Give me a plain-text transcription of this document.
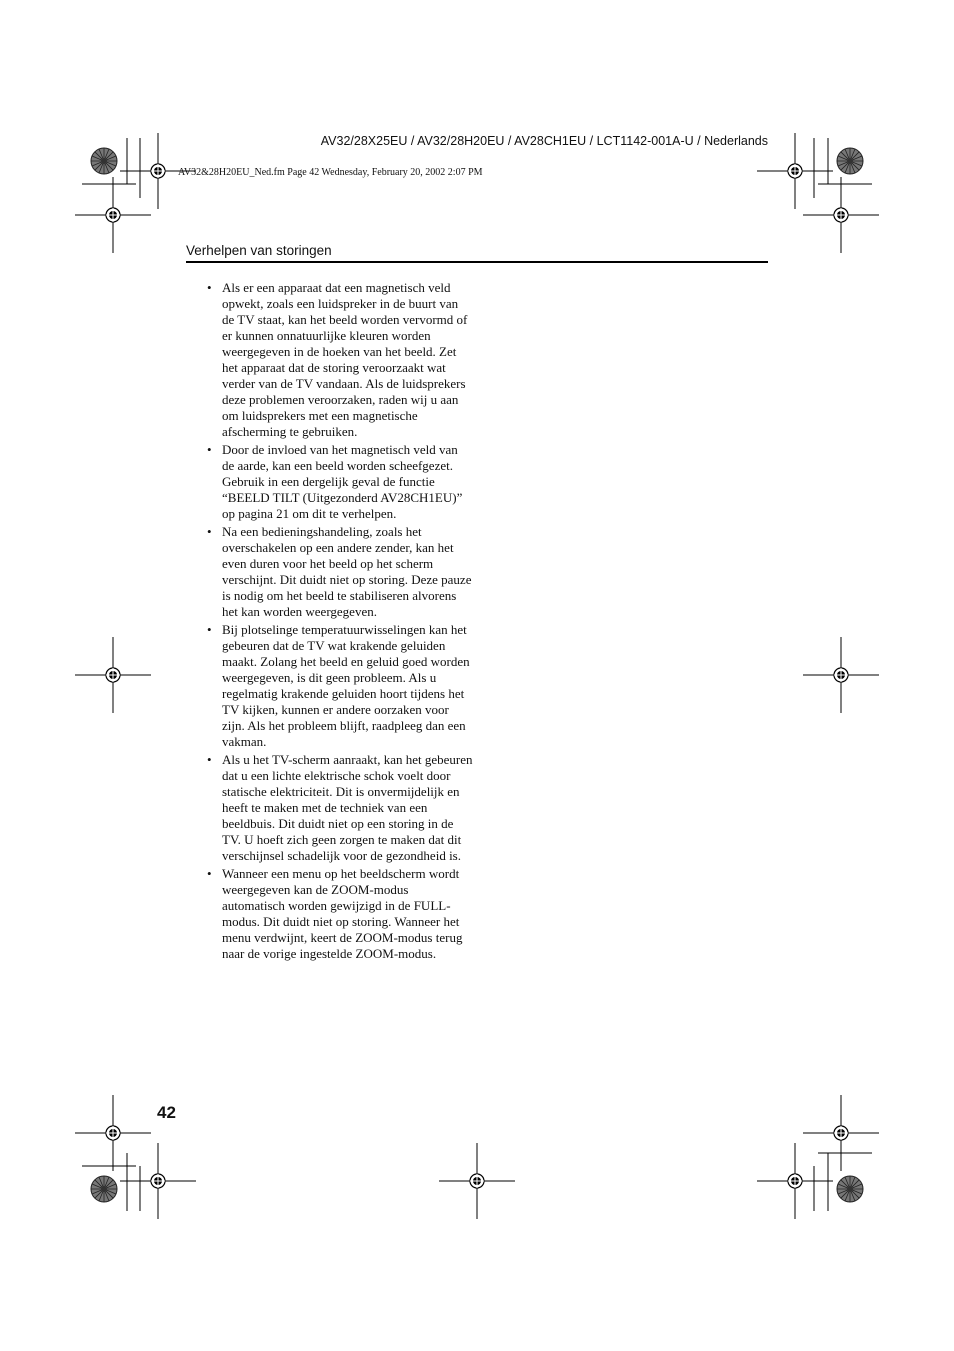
AV32/28X25EU / AV32/28H20EU / AV28CH1EU / LCT1142-001A-U / Nederlands
AV32&28H20EU_Ned.fm Page 42 Wednesday, February 20, 2002 2:07 PM
Verhelpen van storingen
• Als er een apparaat dat een magnetisch veld opwekt, zoals een luidspreker in de buurt van de TV staat, kan het beeld worden vervormd of er kunnen onnatuurlijke kleuren worden weergegeven in de hoeken van het beeld. Zet het apparaat dat de storing veroorzaakt wat verder van de TV vandaan. Als de luidsprekers deze problemen veroorzaken, raden wij u aan om luidsprekers met een magnetische afscherming te gebruiken.
• Door de invloed van het magnetisch veld van de aarde, kan een beeld worden scheefgezet. Gebruik in een dergelijk geval de functie “BEELD TILT (Uitgezonderd AV28CH1EU)” op pagina 21 om dit te verhelpen.
• Na een bedieningshandeling, zoals het overschakelen op een andere zender, kan het even duren voor het beeld op het scherm verschijnt. Dit duidt niet op storing. Deze pauze is nodig om het beeld te stabiliseren alvorens het kan worden weergegeven.
• Bij plotselinge temperatuurwisselingen kan het gebeuren dat de TV wat krakende geluiden maakt. Zolang het beeld en geluid goed worden weergegeven, is dit geen probleem. Als u regelmatig krakende geluiden hoort tijdens het TV kijken, kunnen er andere oorzaken voor zijn. Als het probleem blijft, raadpleeg dan een vakman.
• Als u het TV-scherm aanraakt, kan het gebeuren dat u een lichte elektrische schok voelt door statische elektriciteit. Dit is onvermijdelijk en heeft te maken met de techniek van een beeldbuis. Dit duidt niet op een storing in de TV. U hoeft zich geen zorgen te maken dat dit verschijnsel schadelijk voor de gezondheid is.
• Wanneer een menu op het beeldscherm wordt weergegeven kan de ZOOM-modus automatisch worden gewijzigd in de FULL-modus. Dit duidt niet op storing. Wanneer het menu verdwijnt, keert de ZOOM-modus terug naar de vorige ingestelde ZOOM-modus.
42
